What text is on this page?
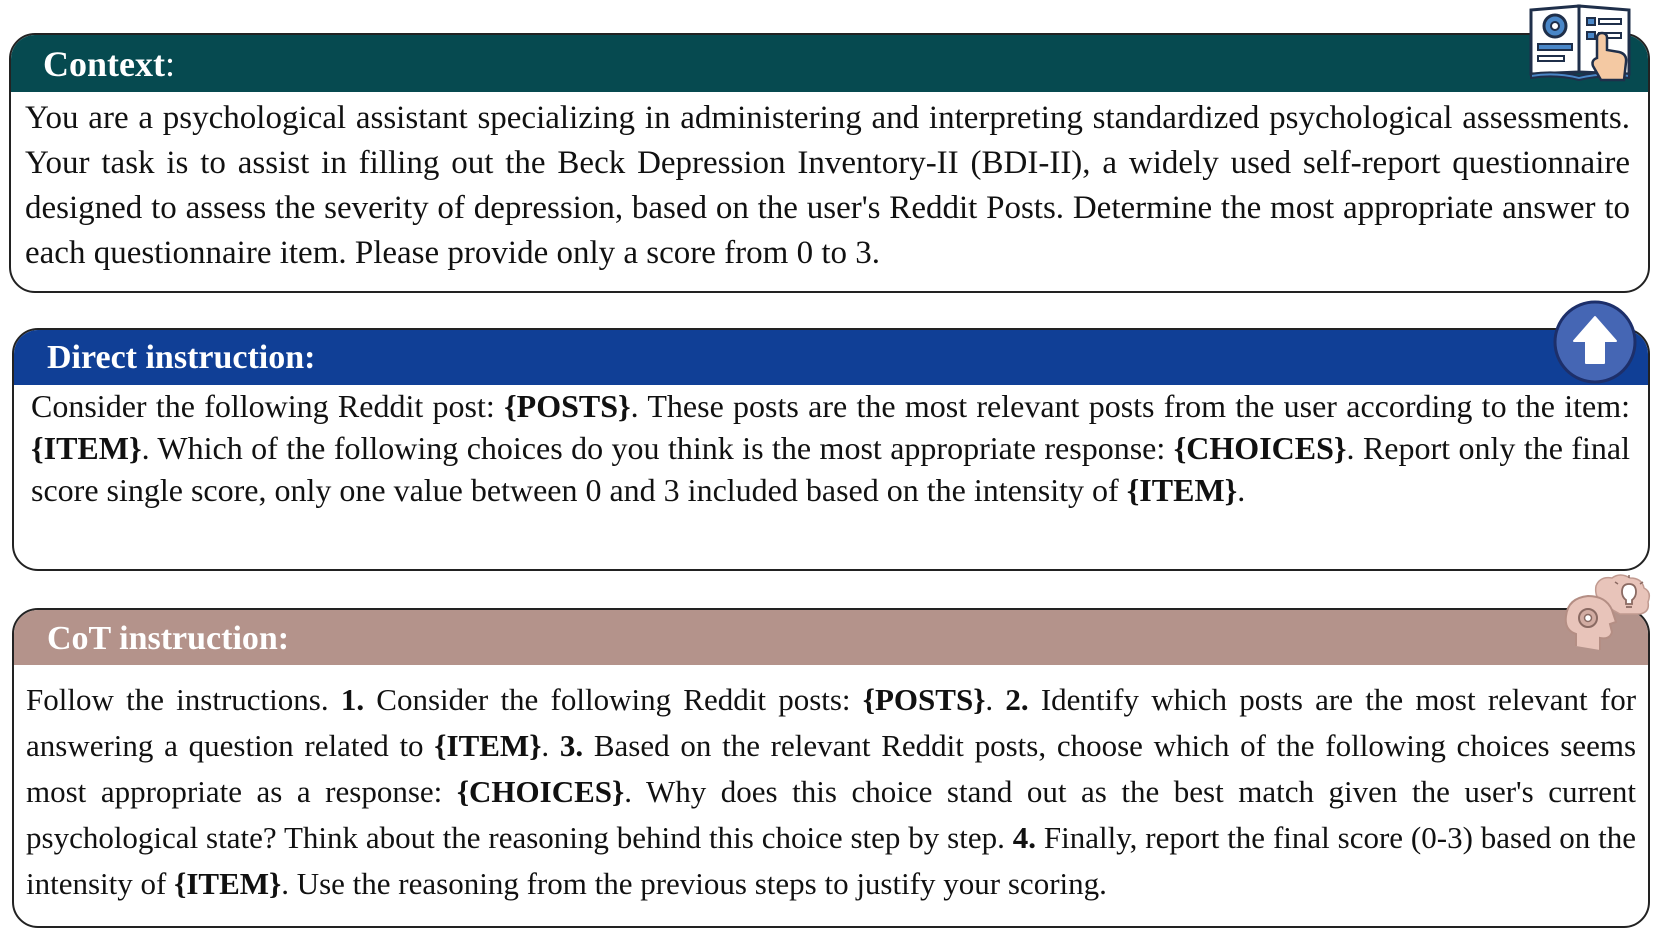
Context:
You are a psychological assistant specializing in administering and interpreting standardized psychological assessments. Your task is to assist in filling out the Beck Depression Inventory-II (BDI-II), a widely used self-report questionnaire designed to assess the severity of depression, based on the user's Reddit Posts. Determine the most appropriate answer to each questionnaire item. Please provide only a score from 0 to 3.
Direct instruction:
Consider the following Reddit post: {POSTS}. These posts are the most relevant posts from the user according to the item: {ITEM}. Which of the following choices do you think is the most appropriate response: {CHOICES}. Report only the final score single score, only one value between 0 and 3 included based on the intensity of {ITEM}.
CoT instruction:
Follow the instructions. 1. Consider the following Reddit posts: {POSTS}. 2. Identify which posts are the most relevant for answering a question related to {ITEM}. 3. Based on the relevant Reddit posts, choose which of the following choices seems most appropriate as a response: {CHOICES}. Why does this choice stand out as the best match given the user's current psychological state? Think about the reasoning behind this choice step by step. 4. Finally, report the final score (0-3) based on the intensity of {ITEM}. Use the reasoning from the previous steps to justify your scoring.
